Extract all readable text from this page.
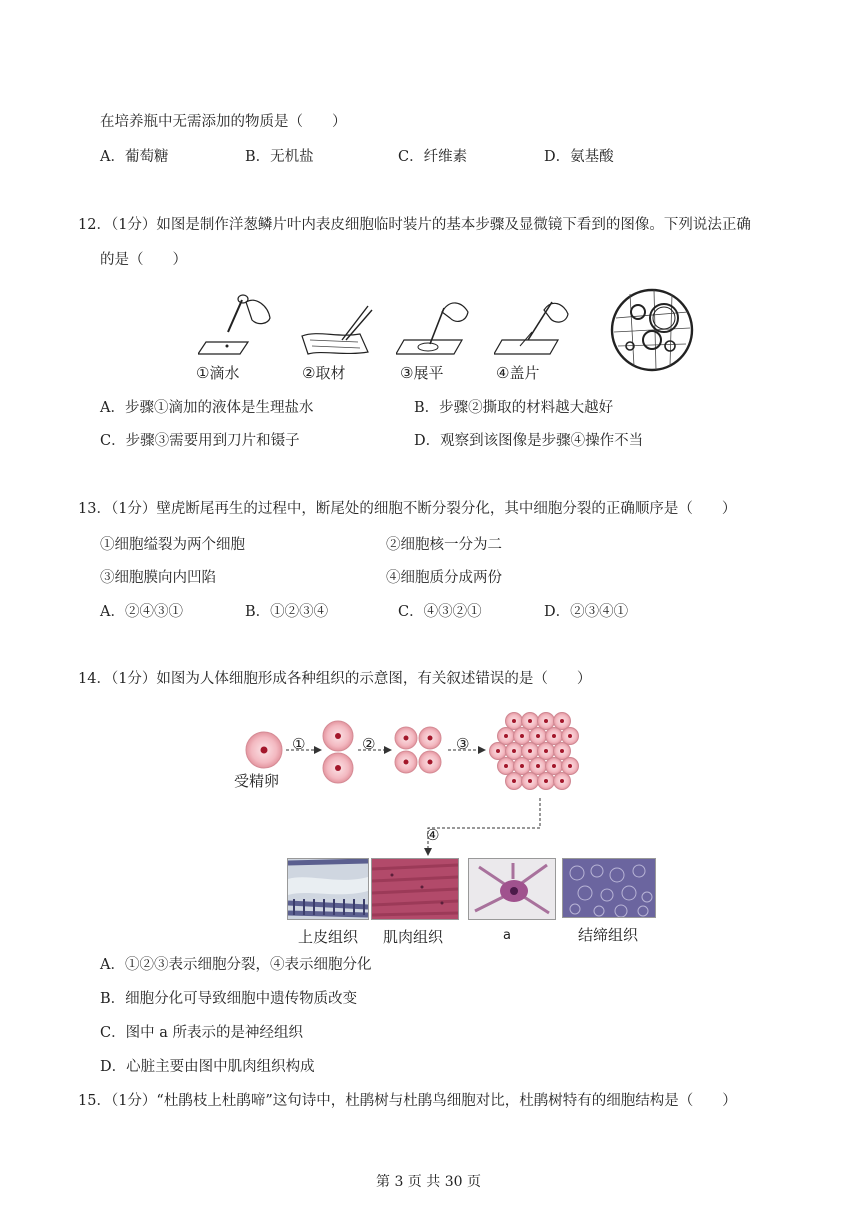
在培养瓶中无需添加的物质是（　　）
A．葡萄糖	B．无机盐	C．纤维素	D．氨基酸
12．（1分）如图是制作洋葱鳞片叶内表皮细胞临时装片的基本步骤及显微镜下看到的图像。下列说法正确
的是（　　）
①滴水	②取材	③展平	④盖片
A．步骤①滴加的液体是生理盐水	B．步骤②撕取的材料越大越好
C．步骤③需要用到刀片和镊子	D．观察到该图像是步骤④操作不当
13．（1分）壁虎断尾再生的过程中，断尾处的细胞不断分裂分化，其中细胞分裂的正确顺序是（　　）
①细胞缢裂为两个细胞	②细胞核一分为二
③细胞膜向内凹陷	④细胞质分成两份
A．②④③①	B．①②③④	C．④③②①	D．②③④①
14．（1分）如图为人体细胞形成各种组织的示意图，有关叙述错误的是（　　）
受精卵
①	②	③
④
上皮组织 肌肉组织	a	结缔组织
A．①②③表示细胞分裂，④表示细胞分化
B．细胞分化可导致细胞中遗传物质改变
C．图中 a 所表示的是神经组织
D．心脏主要由图中肌肉组织构成
15．（1分）“杜鹃枝上杜鹃啼”这句诗中，杜鹃树与杜鹃鸟细胞对比，杜鹃树特有的细胞结构是（　　）
第 3 页 共 30 页
